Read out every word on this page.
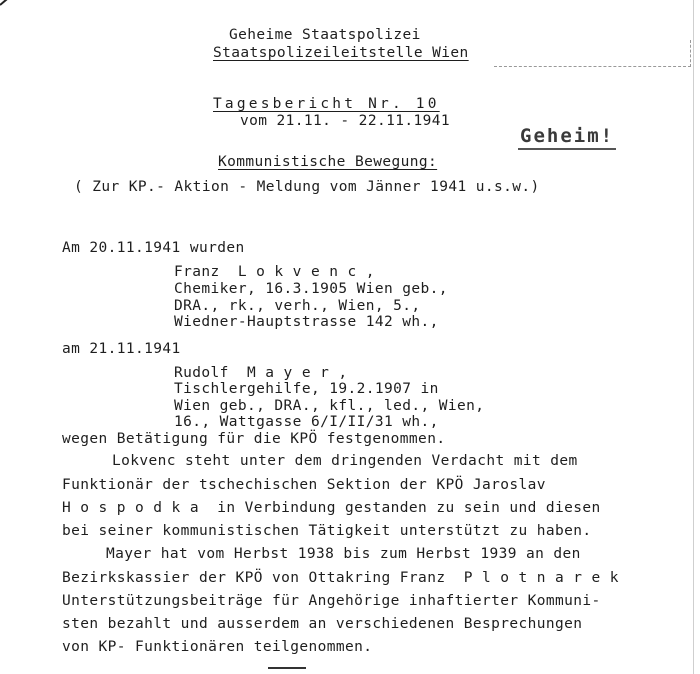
Geheime Staatspolizei
Staatspolizeileitstelle Wien
Tagesbericht Nr. 10
vom 21.11. - 22.11.1941
Geheim!
Kommunistische Bewegung:
( Zur KP.- Aktion - Meldung vom Jänner 1941 u.s.w.)
Am 20.11.1941 wurden
Franz  L o k v e n c ,
Chemiker, 16.3.1905 Wien geb.,
DRA., rk., verh., Wien, 5.,
Wiedner-Hauptstrasse 142 wh.,
am 21.11.1941
Rudolf  M a y e r ,
Tischlergehilfe, 19.2.1907 in
Wien geb., DRA., kfl., led., Wien,
16., Wattgasse 6/I/II/31 wh.,
wegen Betätigung für die KPÖ festgenommen.
Lokvenc steht unter dem dringenden Verdacht mit dem
Funktionär der tschechischen Sektion der KPÖ Jaroslav
H o s p o d k a  in Verbindung gestanden zu sein und diesen
bei seiner kommunistischen Tätigkeit unterstützt zu haben.
Mayer hat vom Herbst 1938 bis zum Herbst 1939 an den
Bezirkskassier der KPÖ von Ottakring Franz  P l o t n a r e k
Unterstützungsbeiträge für Angehörige inhaftierter Kommuni-
sten bezahlt und ausserdem an verschiedenen Besprechungen
von KP- Funktionären teilgenommen.
